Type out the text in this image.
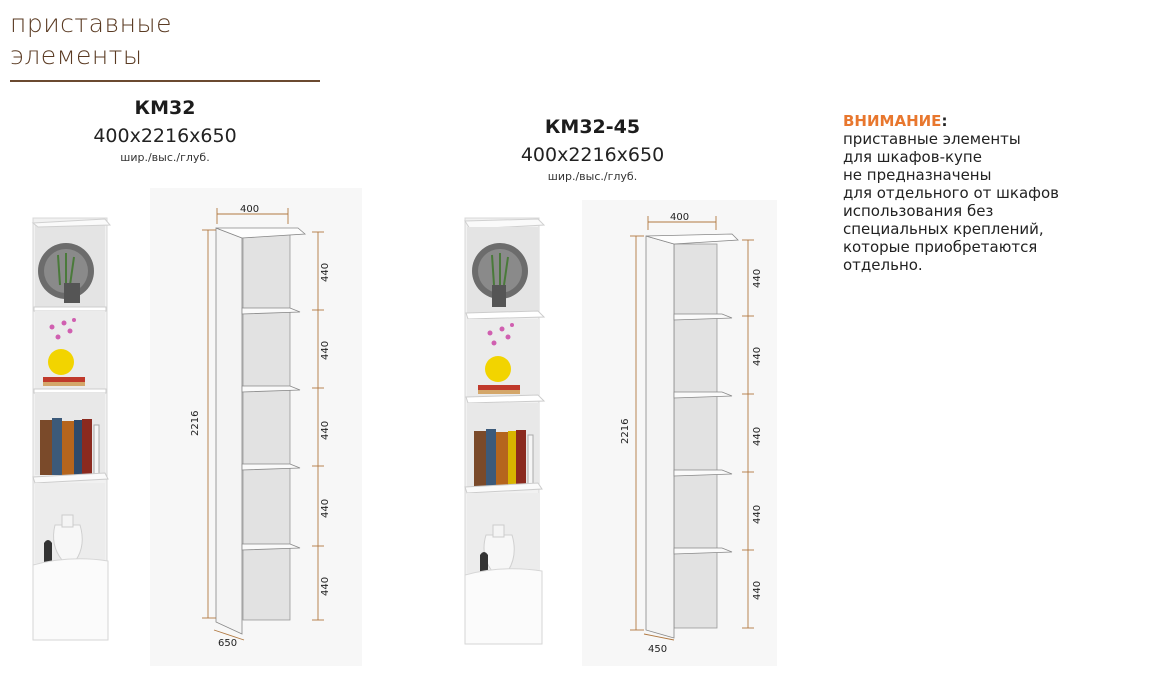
приставные
элементы
КМ32
400x2216x650
шир./выс./глуб.
КМ32-45
400x2216x650
шир./выс./глуб.
ВНИМАНИЕ:
приставные элементы
для шкафов-купе
не предназначены
для отдельного от шкафов
использования без
специальных креплений,
которые приобретаются
отдельно.
400
2216
650
440
440
440
440
440
400
2216
450
440
440
440
440
440
